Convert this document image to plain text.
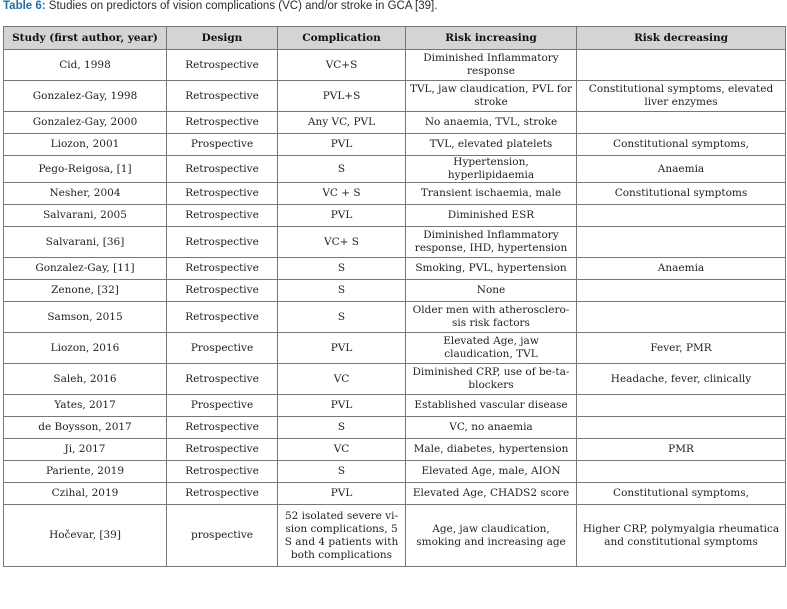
Table 6: Studies on predictors of vision complications (VC) and/or stroke in GCA [39].
Study (first author, year)	Design	Complication	Risk increasing	Risk decreasing
Cid, 1998	Retrospective	VC+S	Diminished Inflammatory response	
Gonzalez-Gay, 1998	Retrospective	PVL+S	TVL, jaw claudication, PVL for stroke	Constitutional symptoms, elevated liver enzymes
Gonzalez-Gay, 2000	Retrospective	Any VC, PVL	No anaemia, TVL, stroke	
Liozon, 2001	Prospective	PVL	TVL, elevated platelets	Constitutional symptoms,
Pego-Reigosa, [1]	Retrospective	S	Hypertension, hyperlipidaemia	Anaemia
Nesher, 2004	Retrospective	VC + S	Transient ischaemia, male	Constitutional symptoms
Salvarani, 2005	Retrospective	PVL	Diminished ESR	
Salvarani, [36]	Retrospective	VC+ S	Diminished Inflammatory response, IHD, hypertension	
Gonzalez-Gay, [11]	Retrospective	S	Smoking, PVL, hypertension	Anaemia
Zenone, [32]	Retrospective	S	None	
Samson, 2015	Retrospective	S	Older men with atherosclero-sis risk factors	
Liozon, 2016	Prospective	PVL	Elevated Age, jaw claudication, TVL	Fever, PMR
Saleh, 2016	Retrospective	VC	Diminished CRP, use of be-ta-blockers	Headache, fever, clinically
Yates, 2017	Prospective	PVL	Established vascular disease	
de Boysson, 2017	Retrospective	S	VC, no anaemia	
Ji, 2017	Retrospective	VC	Male, diabetes, hypertension	PMR
Pariente, 2019	Retrospective	S	Elevated Age, male, AION	
Czihal, 2019	Retrospective	PVL	Elevated Age, CHADS2 score	Constitutional symptoms,
Hočevar, [39]	prospective	52 isolated severe vi-sion complications, 5 S and 4 patients with both complications	Age, jaw claudication, smoking and increasing age	Higher CRP, polymyalgia rheumatica and constitutional symptoms
